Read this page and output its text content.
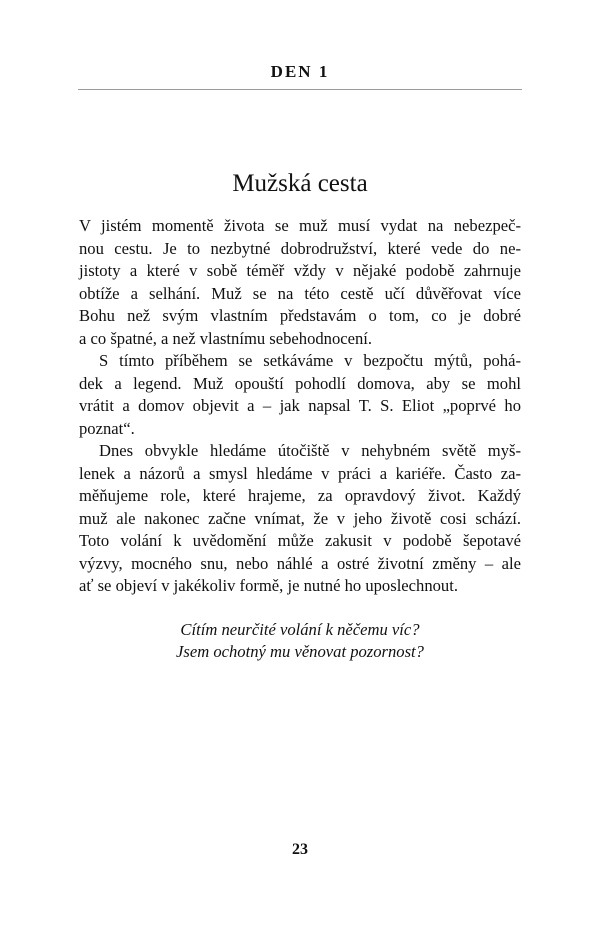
DEN 1
Mužská cesta
V jistém momentě života se muž musí vydat na nebezpeč-
nou cestu. Je to nezbytné dobrodružství, které vede do ne-
jistoty a které v sobě téměř vždy v nějaké podobě zahrnuje
obtíže a selhání. Muž se na této cestě učí důvěřovat více
Bohu než svým vlastním představám o tom, co je dobré
a co špatné, a než vlastnímu sebehodnocení.
S tímto příběhem se setkáváme v bezpočtu mýtů, pohá-
dek a legend. Muž opouští pohodlí domova, aby se mohl
vrátit a domov objevit a – jak napsal T. S. Eliot „poprvé ho
poznat“.
Dnes obvykle hledáme útočiště v nehybném světě myš-
lenek a názorů a smysl hledáme v práci a kariéře. Často za-
měňujeme role, které hrajeme, za opravdový život. Každý
muž ale nakonec začne vnímat, že v jeho životě cosi schází.
Toto volání k uvědomění může zakusit v podobě šepotavé
výzvy, mocného snu, nebo náhlé a ostré životní změny – ale
ať se objeví v jakékoliv formě, je nutné ho uposlechnout.
Cítím neurčité volání k něčemu víc?
Jsem ochotný mu věnovat pozornost?
23
